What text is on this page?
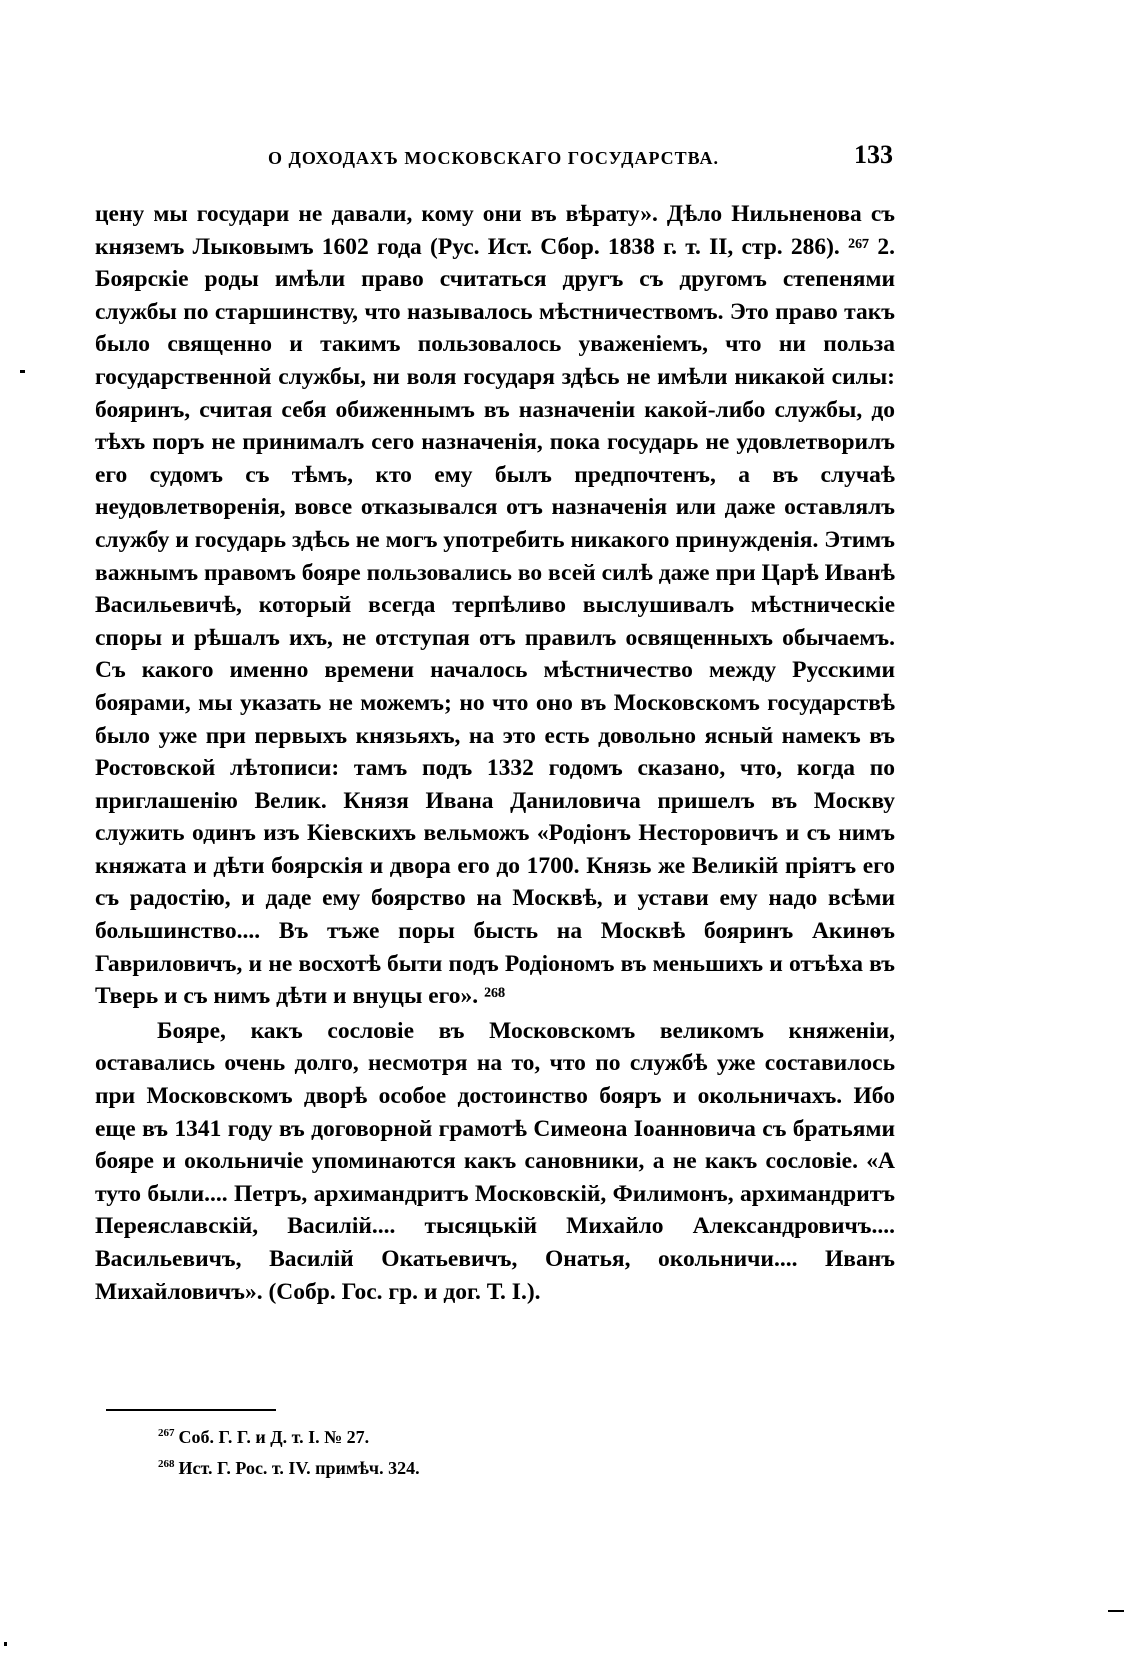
О ДОХОДАХЪ МОСКОВСКАГО ГОСУДАРСТВА.	133

цену мы государи не давали, кому они въ вѣрату». Дѣло Нильненова съ княземъ Лыковымъ 1602 года (Рус. Ист. Сбор. 1838 г. т. II, стр. 286). ²⁶⁷ 2. Боярскіе роды имѣли право считаться другъ съ другомъ степенями службы по старшинству, что называлось мѣстничествомъ. Это право такъ было священно и такимъ пользовалось уваженіемъ, что ни польза государственной службы, ни воля государя здѣсь не имѣли никакой силы: бояринъ, считая себя обиженнымъ въ назначеніи какой-либо службы, до тѣхъ поръ не принималъ сего назначенія, пока государь не удовлетворилъ его судомъ съ тѣмъ, кто ему былъ предпочтенъ, а въ случаѣ неудовлетворенія, вовсе отказывался отъ назначенія или даже оставлялъ службу и государь здѣсь не могъ употребить никакого принужденія. Этимъ важнымъ правомъ бояре пользовались во всей силѣ даже при Царѣ Иванѣ Васильевичѣ, который всегда терпѣливо выслушивалъ мѣстническіе споры и рѣшалъ ихъ, не отступая отъ правилъ освященныхъ обычаемъ. Съ какого именно времени началось мѣстничество между Русскими боярами, мы указать не можемъ; но что оно въ Московскомъ государствѣ было уже при первыхъ князьяхъ, на это есть довольно ясный намекъ въ Ростовской лѣтописи: тамъ подъ 1332 годомъ сказано, что, когда по приглашенію Велик. Князя Ивана Даниловича пришелъ въ Москву служить одинъ изъ Кіевскихъ вельможъ «Родіонъ Несторовичъ и съ нимъ княжата и дѣти боярскія и двора его до 1700. Князь же Великій пріятъ его съ радостію, и даде ему боярство на Москвѣ, и устави ему надо всѣми большинство.... Въ тъже поры бысть на Москвѣ бояринъ Акинѳъ Гавриловичъ, и не восхотѣ быти подъ Родіономъ въ меньшихъ и отъѣха въ Тверь и съ нимъ дѣти и внуцы его». ²⁶⁸

Бояре, какъ сословіе въ Московскомъ великомъ княженіи, оставались очень долго, несмотря на то, что по службѣ уже составилось при Московскомъ дворѣ особое достоинство бояръ и окольничахъ. Ибо еще въ 1341 году въ договорной грамотѣ Симеона Іоанновича съ братьями бояре и окольничіе упоминаются какъ сановники, а не какъ сословіе. «А туто были.... Петръ, архимандритъ Московскій, Филимонъ, архимандритъ Переяславскій, Василій.... тысяцькій Михайло Александровичъ.... Васильевичъ, Василій Окатьевичъ, Онатья, окольничи.... Иванъ Михайловичъ». (Собр. Гос. гр. и дог. Т. I.).

$^{267}$ Соб. Г. Г. и Д. т. I. № 27.
$^{268}$ Ист. Г. Рос. т. IV. примѣч. 324.
